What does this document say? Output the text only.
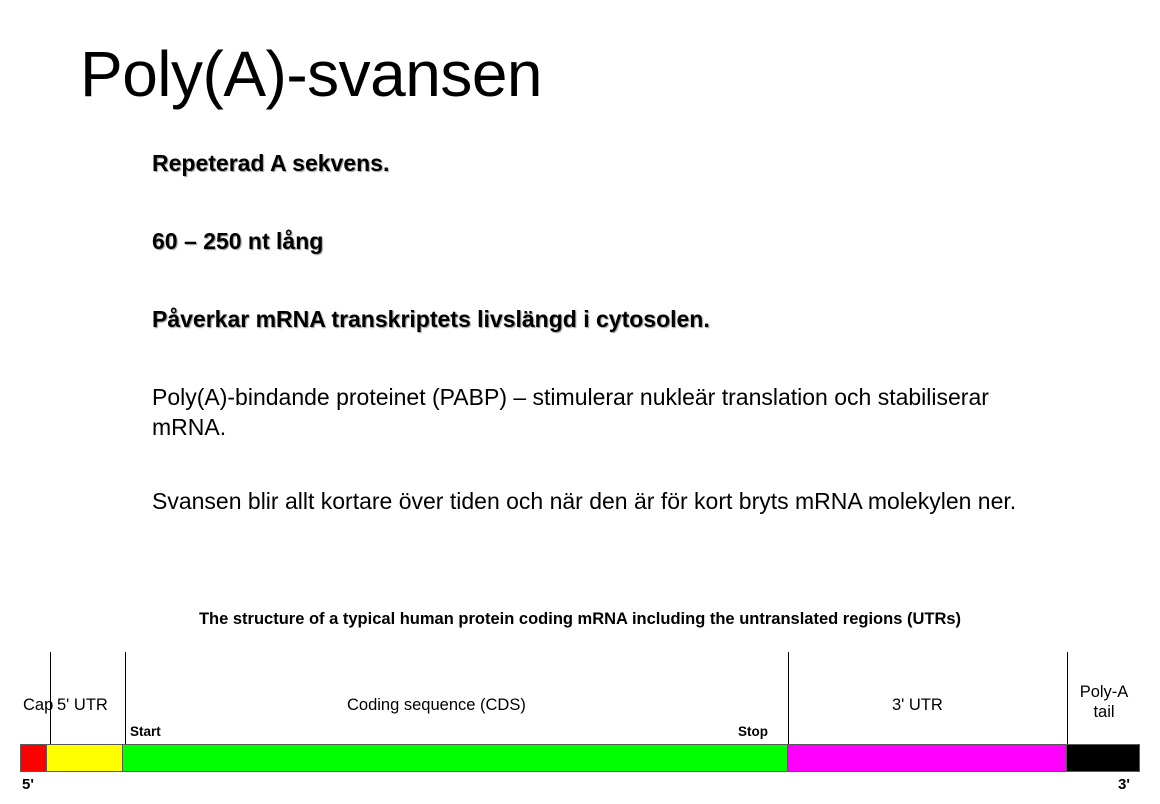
Poly(A)-svansen

Repeterad A sekvens.

60 – 250 nt lång

Påverkar mRNA transkriptets livslängd i cytosolen.

Poly(A)-bindande proteinet (PABP) – stimulerar nukleär translation och stabiliserar mRNA.

Svansen blir allt kortare över tiden och när den är för kort bryts mRNA molekylen ner.

The structure of a typical human protein coding mRNA including the untranslated regions (UTRs)
Cap 5' UTR	Coding sequence (CDS)	3' UTR
Poly-A
tail
Start	Stop
5'	3'
